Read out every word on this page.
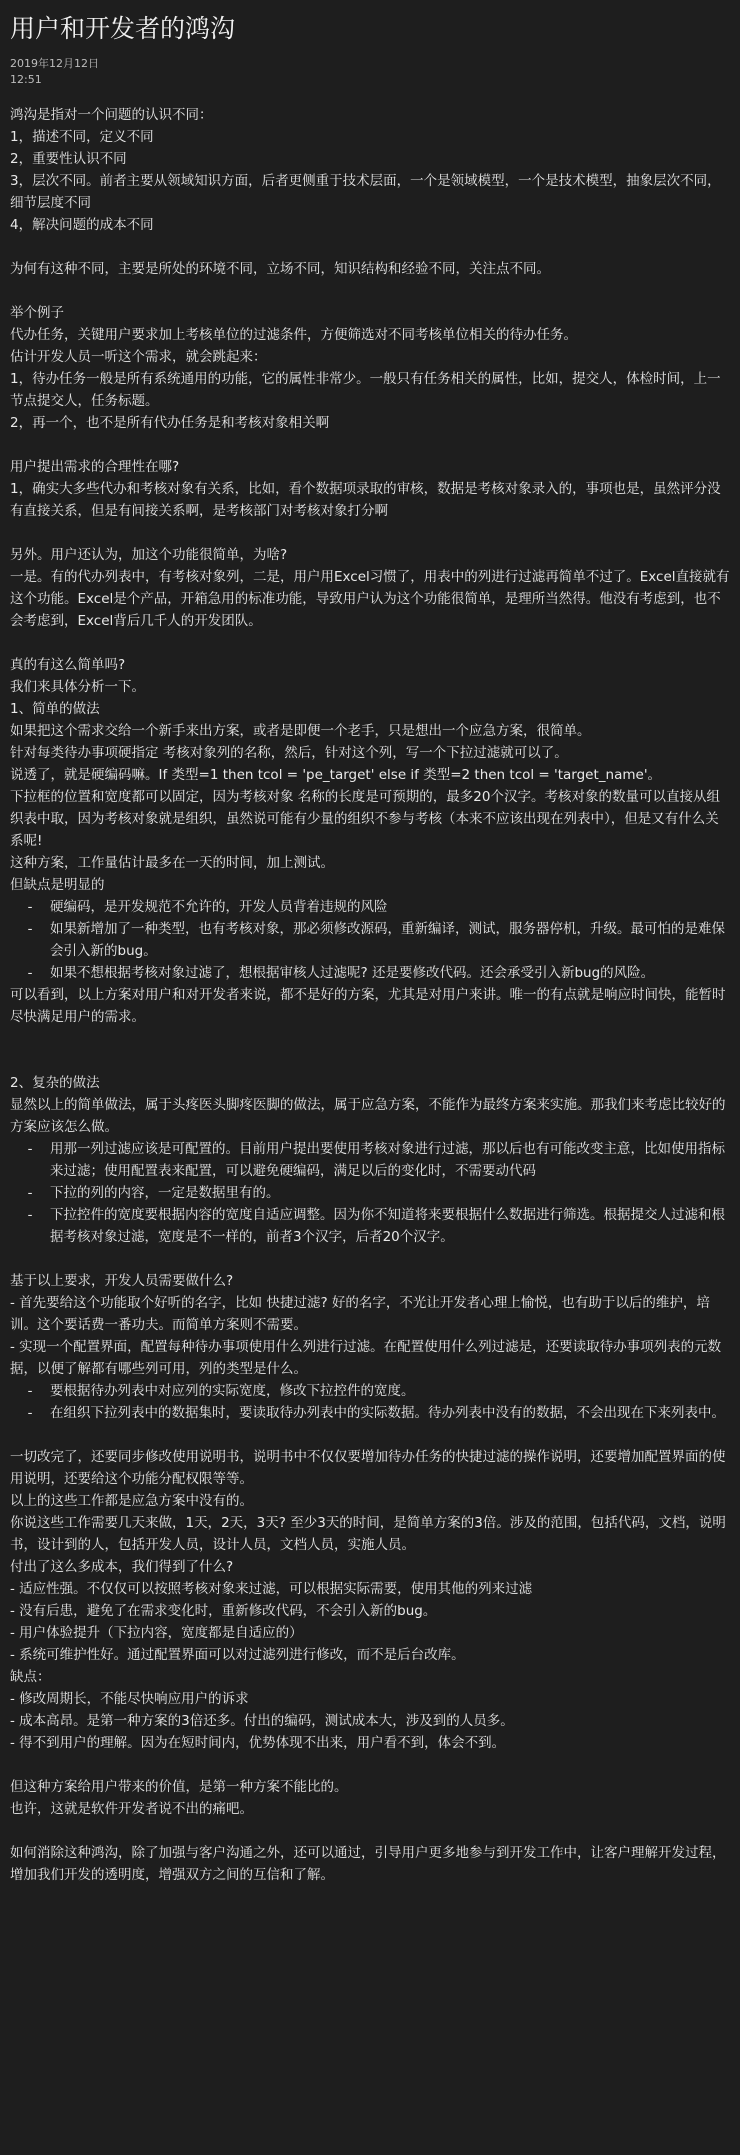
用户和开发者的鸿沟
2019年12月12日
12:51
鸿沟是指对一个问题的认识不同：
1，描述不同，定义不同
2，重要性认识不同
3，层次不同。前者主要从领域知识方面，后者更侧重于技术层面，一个是领域模型，一个是技术模型，抽象层次不同，细节层度不同
4，解决问题的成本不同
为何有这种不同，主要是所处的环境不同，立场不同，知识结构和经验不同，关注点不同。
举个例子
代办任务，关键用户要求加上考核单位的过滤条件，方便筛选对不同考核单位相关的待办任务。
估计开发人员一听这个需求，就会跳起来：
1，待办任务一般是所有系统通用的功能，它的属性非常少。一般只有任务相关的属性，比如，提交人，体检时间，上一节点提交人，任务标题。
2，再一个，也不是所有代办任务是和考核对象相关啊
用户提出需求的合理性在哪?
1，确实大多些代办和考核对象有关系，比如，看个数据项录取的审核，数据是考核对象录入的，事项也是，虽然评分没有直接关系，但是有间接关系啊，是考核部门对考核对象打分啊
另外。用户还认为，加这个功能很简单，为啥?
一是。有的代办列表中，有考核对象列，二是，用户用Excel习惯了，用表中的列进行过滤再简单不过了。Excel直接就有这个功能。Excel是个产品，开箱急用的标准功能，导致用户认为这个功能很简单，是理所当然得。他没有考虑到，也不会考虑到，Excel背后几千人的开发团队。
真的有这么简单吗?
我们来具体分析一下。
1、简单的做法
如果把这个需求交给一个新手来出方案，或者是即便一个老手，只是想出一个应急方案，很简单。
针对每类待办事项硬指定 考核对象列的名称，然后，针对这个列，写一个下拉过滤就可以了。
说透了，就是硬编码嘛。If 类型=1 then tcol = 'pe_target' else if 类型=2 then tcol = 'target_name'。
下拉框的位置和宽度都可以固定，因为考核对象 名称的长度是可预期的，最多20个汉字。考核对象的数量可以直接从组织表中取，因为考核对象就是组织，虽然说可能有少量的组织不参与考核（本来不应该出现在列表中），但是又有什么关系呢!
这种方案，工作量估计最多在一天的时间，加上测试。
但缺点是明显的
-	硬编码，是开发规范不允许的，开发人员背着违规的风险
-	如果新增加了一种类型，也有考核对象，那必须修改源码，重新编译，测试，服务器停机，升级。最可怕的是难保会引入新的bug。
-	如果不想根据考核对象过滤了，想根据审核人过滤呢? 还是要修改代码。还会承受引入新bug的风险。
可以看到，以上方案对用户和对开发者来说，都不是好的方案，尤其是对用户来讲。唯一的有点就是响应时间快，能暂时尽快满足用户的需求。
2、复杂的做法
显然以上的简单做法，属于头疼医头脚疼医脚的做法，属于应急方案，不能作为最终方案来实施。那我们来考虑比较好的方案应该怎么做。
-	用那一列过滤应该是可配置的。目前用户提出要使用考核对象进行过滤，那以后也有可能改变主意，比如使用指标来过滤；使用配置表来配置，可以避免硬编码，满足以后的变化时，不需要动代码
-	下拉的列的内容，一定是数据里有的。
-	下拉控件的宽度要根据内容的宽度自适应调整。因为你不知道将来要根据什么数据进行筛选。根据提交人过滤和根据考核对象过滤，宽度是不一样的，前者3个汉字，后者20个汉字。
基于以上要求，开发人员需要做什么?
- 首先要给这个功能取个好听的名字，比如 快捷过滤? 好的名字，不光让开发者心理上愉悦，也有助于以后的维护，培训。这个要话费一番功夫。而简单方案则不需要。
- 实现一个配置界面，配置每种待办事项使用什么列进行过滤。在配置使用什么列过滤是，还要读取待办事项列表的元数据，以便了解都有哪些列可用，列的类型是什么。
-	要根据待办列表中对应列的实际宽度，修改下拉控件的宽度。
-	在组织下拉列表中的数据集时，要读取待办列表中的实际数据。待办列表中没有的数据，不会出现在下来列表中。
一切改完了，还要同步修改使用说明书，说明书中不仅仅要增加待办任务的快捷过滤的操作说明，还要增加配置界面的使用说明，还要给这个功能分配权限等等。
以上的这些工作都是应急方案中没有的。
你说这些工作需要几天来做，1天，2天，3天? 至少3天的时间，是简单方案的3倍。涉及的范围，包括代码，文档，说明书，设计到的人，包括开发人员，设计人员，文档人员，实施人员。
付出了这么多成本，我们得到了什么?
- 适应性强。不仅仅可以按照考核对象来过滤，可以根据实际需要，使用其他的列来过滤
- 没有后患，避免了在需求变化时，重新修改代码，不会引入新的bug。
- 用户体验提升（下拉内容，宽度都是自适应的）
- 系统可维护性好。通过配置界面可以对过滤列进行修改，而不是后台改库。
缺点：
- 修改周期长，不能尽快响应用户的诉求
- 成本高昂。是第一种方案的3倍还多。付出的编码，测试成本大，涉及到的人员多。
- 得不到用户的理解。因为在短时间内，优势体现不出来，用户看不到，体会不到。
但这种方案给用户带来的价值，是第一种方案不能比的。
也许，这就是软件开发者说不出的痛吧。
如何消除这种鸿沟，除了加强与客户沟通之外，还可以通过，引导用户更多地参与到开发工作中，让客户理解开发过程，增加我们开发的透明度，增强双方之间的互信和了解。
